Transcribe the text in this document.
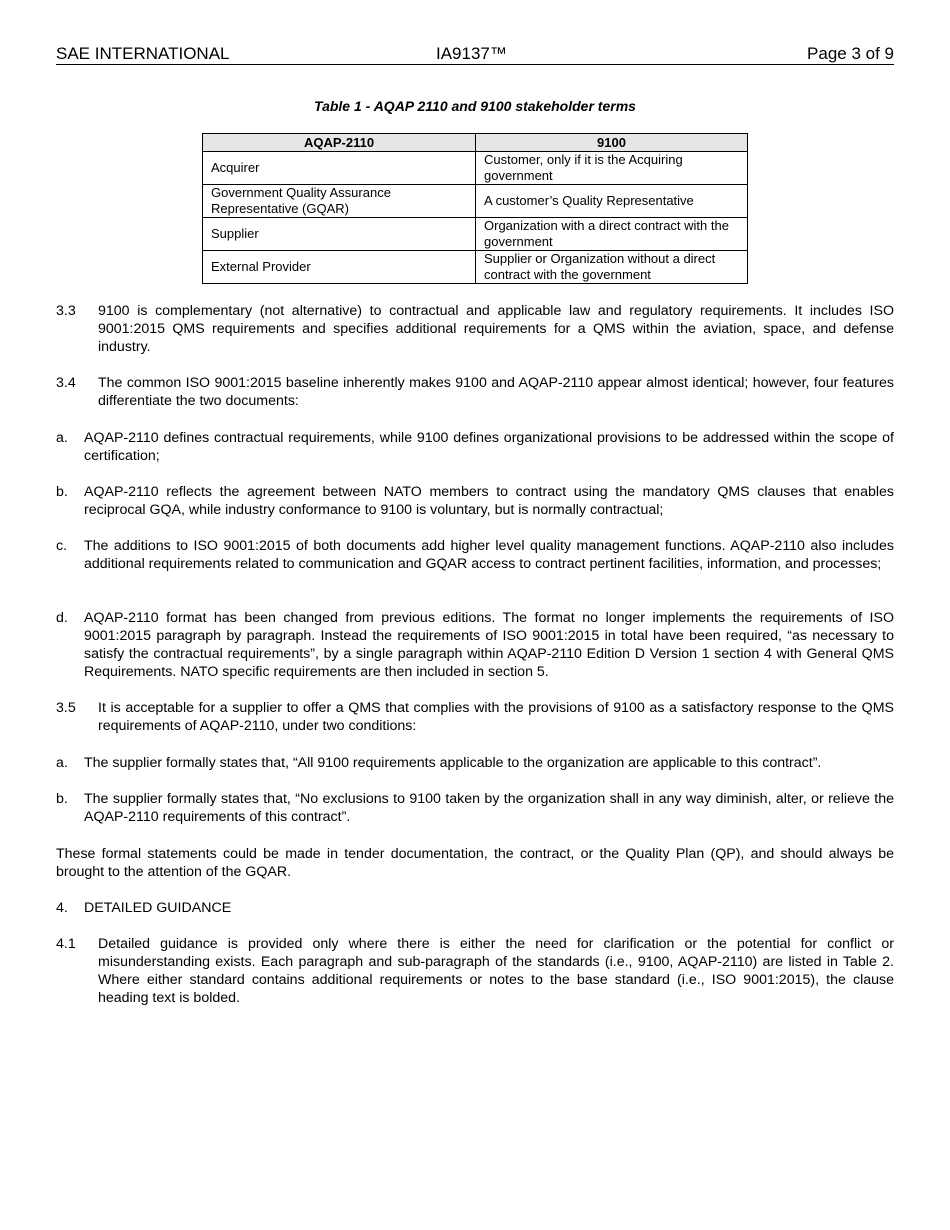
SAE INTERNATIONAL	IA9137™	Page 3 of 9
Table 1 - AQAP 2110 and 9100 stakeholder terms
AQAP-2110	9100
Acquirer	Customer, only if it is the Acquiring government
Government Quality Assurance Representative (GQAR)	A customer’s Quality Representative
Supplier	Organization with a direct contract with the government
External Provider	Supplier or Organization without a direct contract with the government
3.3 9100 is complementary (not alternative) to contractual and applicable law and regulatory requirements. It includes ISO 9001:2015 QMS requirements and specifies additional requirements for a QMS within the aviation, space, and defense industry.
3.4 The common ISO 9001:2015 baseline inherently makes 9100 and AQAP-2110 appear almost identical; however, four features differentiate the two documents:
a. AQAP-2110 defines contractual requirements, while 9100 defines organizational provisions to be addressed within the scope of certification;
b. AQAP-2110 reflects the agreement between NATO members to contract using the mandatory QMS clauses that enables reciprocal GQA, while industry conformance to 9100 is voluntary, but is normally contractual;
c. The additions to ISO 9001:2015 of both documents add higher level quality management functions. AQAP-2110 also includes additional requirements related to communication and GQAR access to contract pertinent facilities, information, and processes;
d. AQAP-2110 format has been changed from previous editions. The format no longer implements the requirements of ISO 9001:2015 paragraph by paragraph. Instead the requirements of ISO 9001:2015 in total have been required, “as necessary to satisfy the contractual requirements”, by a single paragraph within AQAP-2110 Edition D Version 1 section 4 with General QMS Requirements. NATO specific requirements are then included in section 5.
3.5 It is acceptable for a supplier to offer a QMS that complies with the provisions of 9100 as a satisfactory response to the QMS requirements of AQAP-2110, under two conditions:
a. The supplier formally states that, “All 9100 requirements applicable to the organization are applicable to this contract”.
b. The supplier formally states that, “No exclusions to 9100 taken by the organization shall in any way diminish, alter, or relieve the AQAP-2110 requirements of this contract”.
These formal statements could be made in tender documentation, the contract, or the Quality Plan (QP), and should always be brought to the attention of the GQAR.
4. DETAILED GUIDANCE
4.1 Detailed guidance is provided only where there is either the need for clarification or the potential for conflict or misunderstanding exists. Each paragraph and sub-paragraph of the standards (i.e., 9100, AQAP-2110) are listed in Table 2. Where either standard contains additional requirements or notes to the base standard (i.e., ISO 9001:2015), the clause heading text is bolded.
